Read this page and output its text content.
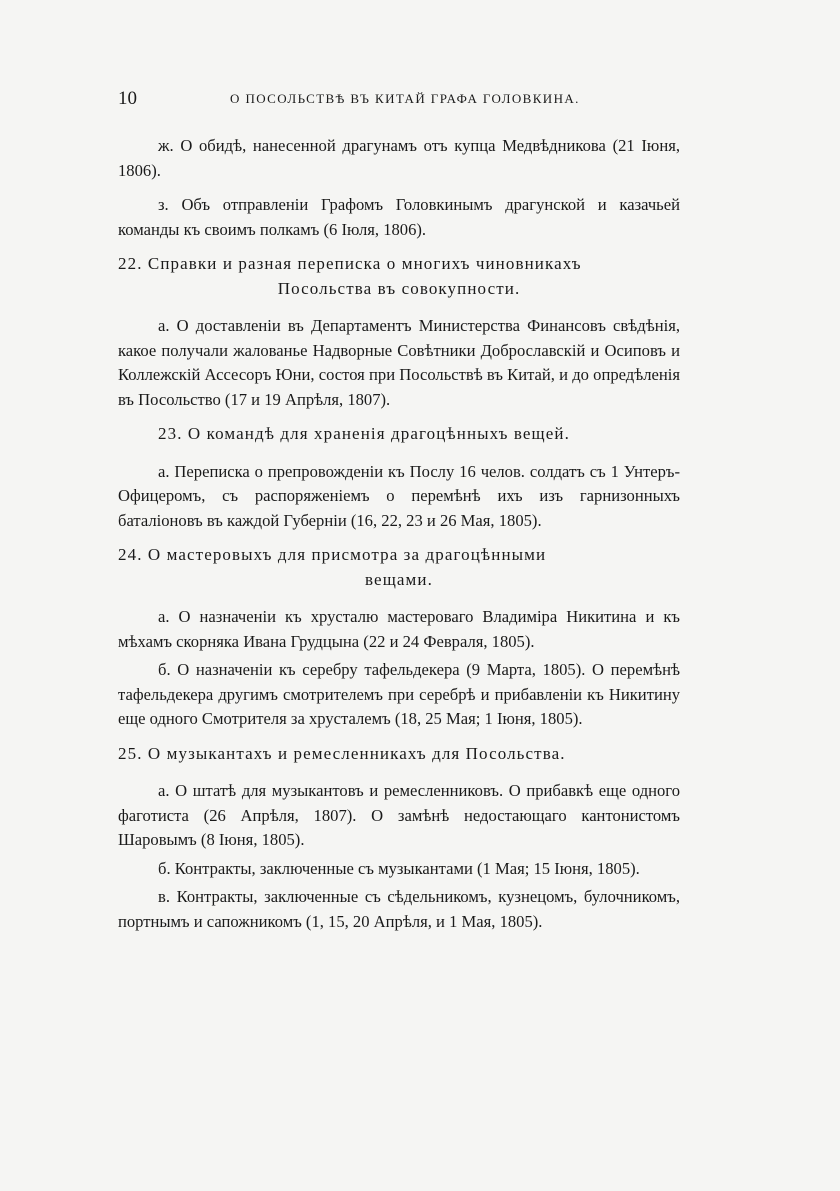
10	О ПОСОЛЬСТВѢ ВЪ КИТАЙ ГРАФА ГОЛОВКИНА.

ж. О обидѣ, нанесенной драгунамъ отъ купца Медвѣдникова (21 Іюня, 1806).

з. Объ отправленіи Графомъ Головкинымъ драгунской и казачьей команды къ своимъ полкамъ (6 Іюля, 1806).

22. Справки и разная переписка о многихъ чиновникахъ
Посольства въ совокупности.

а. О доставленіи въ Департаментъ Министерства Финансовъ свѣдѣнія, какое получали жалованье Надворные Совѣтники Доброславскій и Осиповъ и Коллежскій Ассесоръ Юни, состоя при Посольствѣ въ Китай, и до опредѣленія въ Посольство (17 и 19 Апрѣля, 1807).

23. О командѣ для храненія драгоцѣнныхъ вещей.

а. Переписка о препровожденіи къ Послу 16 челов. солдатъ съ 1 Унтеръ-Офицеромъ, съ распоряженіемъ о перемѣнѣ ихъ изъ гарнизонныхъ баталіоновъ въ каждой Губерніи (16, 22, 23 и 26 Мая, 1805).

24. О мастеровыхъ для присмотра за драгоцѣнными
вещами.

а. О назначеніи къ хрусталю мастероваго Владиміра Никитина и къ мѣхамъ скорняка Ивана Грудцына (22 и 24 Февраля, 1805).

б. О назначеніи къ серебру тафельдекера (9 Марта, 1805). О перемѣнѣ тафельдекера другимъ смотрителемъ при серебрѣ и прибавленіи къ Никитину еще одного Смотрителя за хрусталемъ (18, 25 Мая; 1 Іюня, 1805).

25. О музыкантахъ и ремесленникахъ для Посольства.

а. О штатѣ для музыкантовъ и ремесленниковъ. О прибавкѣ еще одного фаготиста (26 Апрѣля, 1807). О замѣнѣ недостающаго кантонистомъ Шаровымъ (8 Іюня, 1805).

б. Контракты, заключенные съ музыкантами (1 Мая; 15 Іюня, 1805).

в. Контракты, заключенные съ сѣдельникомъ, кузнецомъ, булочникомъ, портнымъ и сапожникомъ (1, 15, 20 Апрѣля, и 1 Мая, 1805).
